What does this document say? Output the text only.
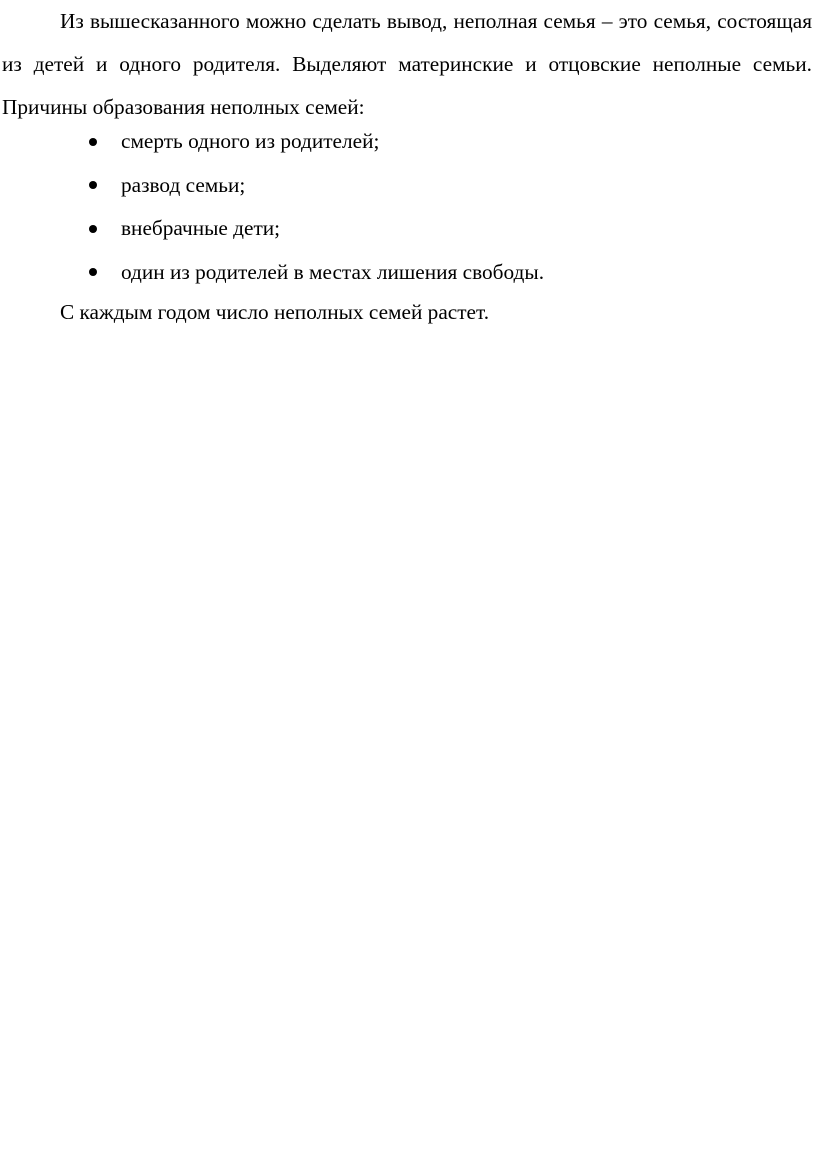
Из вышесказанного можно сделать вывод, неполная семья – это семья, состоящая из детей и одного родителя. Выделяют материнские и отцовские неполные семьи. Причины образования неполных семей:

смерть одного из родителей;
развод семьи;
внебрачные дети;
один из родителей в местах лишения свободы.

С каждым годом число неполных семей растет.
